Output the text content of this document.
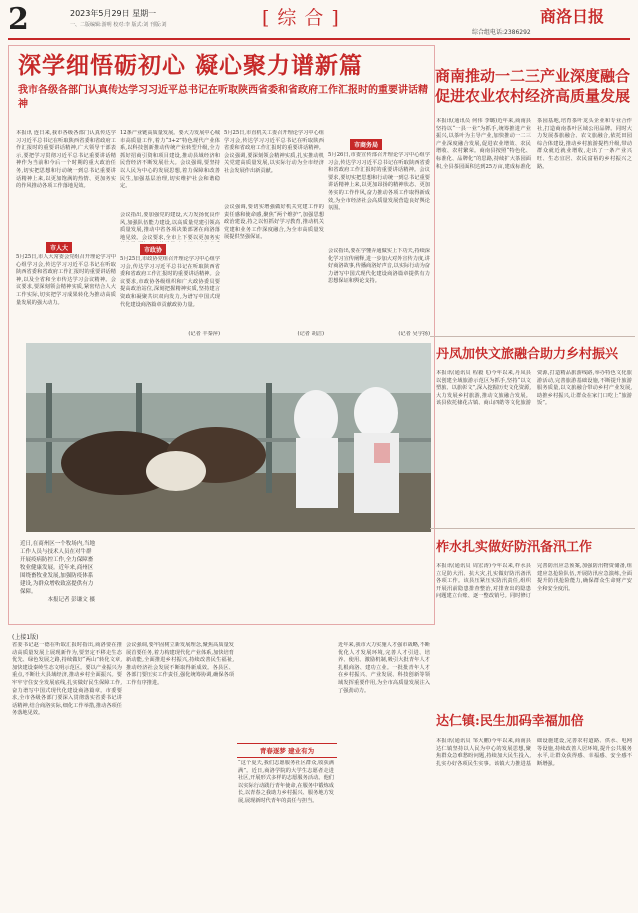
2	2023年5月29日 星期一
一、二版编辑:游明 校对:李 版式:刘 刊版:刘	[综合]	商洛日报
综合组电话:2386292
深学细悟砺初心 凝心聚力谱新篇
我市各级各部门认真传达学习习近平总书记在听取陕西省委和省政府工作汇报时的重要讲话精神
本报讯 连日来,我市各级各部门认真传达学习习近平总书记在听取陕西省委和省政府工作汇报时的重要讲话精神,广大领导干部表示,要把学习贯彻习近平总书记重要讲话精神作为当前和今后一个时期的重大政治任务,切实把思想和行动统一到总书记重要讲话精神上来,以更加饱满的热情、更加务实的作风推动各项工作落地见效。
市人大
5月25日,市人大常委会党组召开理论学习中心组学习会,传达学习习近平总书记在听取陕西省委和省政府工作汇报时的重要讲话精神,以及全省和全市传达学习会议精神。会议要求,要深刻领会精神实质,紧密结合人大工作实际,切实把学习成果转化为推动高质量发展的强大动力。
12条产业链高质量发展。要大力发展中心城市高质量工作,着力“3+2”特色现代产业体系,以科技创新推动传统产业转型升级,全力抓好招商引资和项目建设,推动县域经济和民营经济不断发展壮大。会议强调,要坚持以人民为中心的发展思想,着力保障和改善民生,加强基层治理,切实维护社会和谐稳定。
会议指出,要加强党的建设,大力发扬优良作风,加强队伍能力建设,以高质量党建引领高质量发展,推动中省各项决策部署在商洛落地见效。会议要求,全市上下要以更加务实
市政协
5月25日,市政协党组召开理论学习中心组学习会,传达学习习近平总书记在听取陕西省委和省政府工作汇报时的重要讲话精神。会议要求,市政协各级组织和广大政协委员要提高政治站位,深刻把握精神实质,坚持建言资政和凝聚共识双向发力,为谱写中国式现代化建设商洛篇章贡献政协力量。
(记者 丰秦萍)
5月25日,市直机关工委召开理论学习中心组学习会,传达学习习近平总书记在听取陕西省委和省政府工作汇报时的重要讲话精神。会议强调,要深刻领会精神实质,扎实推动机关党建高质量发展,以实际行动为全市经济社会发展作出新贡献。
会议强调,要切实增强做好机关党建工作的责任感和使命感,聚焦“两个维护”,加强思想政治建设,持之以恒抓好学习教育,推动机关党建和业务工作深度融合,为全市高质量发展提供坚强保证。
(记者 胡洁)
市商务局
5月26日,市委宣传部召开理论学习中心组学习会,传达学习习近平总书记在听取陕西省委和省政府工作汇报时的重要讲话精神。会议要求,要切实把思想和行动统一到总书记重要讲话精神上来,以更加昂扬的精神状态、更加务实的工作作风,奋力推动各项工作取得新成效,为全市经济社会高质量发展营造良好舆论氛围。
会议指出,要在学懂弄通做实上下功夫,持续深化学习宣传阐释,进一步加大对外宣传力度,讲好商洛故事,传播商洛好声音,以实际行动为奋力谱写中国式现代化建设商洛篇章提供有力思想保证和舆论支持。
(记者 吴宇扬)
近日,在商州区一个牧场内,当地工作人员与技术人员在对牛群开展疫病防控工作,全力保障畜牧业健康发展。近年来,商州区围绕畜牧业发展,加强防疫体系建设,为群众增收致富提供有力保障。
本报记者 彭谦文 摄
商南推动一二三产业深度融合
促进农业农村经济高质量发展
本报讯(通讯员 何伟 李璐)近年来,商南县坚持以“一县一业”为抓手,统筹推进产业振兴,以茶叶为主导产业,加快推动一二三产业深度融合发展,促进农业增效、农民增收、农村繁荣。商南县按照“特色化、标准化、品牌化”的思路,持续扩大茶园面积,全县茶园面积达到25万亩,建成标准化茶园基地,培育茶叶龙头企业和专业合作社,打造商南茶叶区域公用品牌。同时大力发展茶旅融合、农文旅融合,依托田园综合体建设,推动乡村旅游提档升级,带动群众就近就业增收,走出了一条产业兴旺、生态宜居、农民富裕的乡村振兴之路。
丹凤加快文旅融合助力乡村振兴
本报讯(通讯员 程毅飞)今年以来,丹凤县以创建全域旅游示范区为抓手,坚持“以文塑旅、以旅彰文”,深入挖掘历史文化资源,大力发展乡村旅游,推动文旅融合发展。该县依托棣花古镇、商山四皓等文化旅游资源,打造精品旅游线路,举办特色文化旅游活动,完善旅游基础设施,不断提升旅游服务质量,以文旅融合带动乡村产业发展,助推乡村振兴,让群众在家门口吃上“旅游饭”。
柞水扎实做好防汛备汛工作
本报讯(通讯员 周宏涛)今年以来,柞水县立足防大汛、抗大灾,扎实做好防汛备汛各项工作。该县压紧压实防汛责任,组织开展汛前隐患排查整治,对排查出的隐患问题建立台账、逐一整改销号。同时修订完善防汛应急预案,加强防汛物资储备,组建应急抢险队伍,开展防汛应急演练,全面提升防汛抢险能力,确保群众生命财产安全和安全度汛。
(上接1版)
省委书记赵一德在听取汇报时指出,商洛要在推动高质量发展上展现新作为,要坚定不移走生态优先、绿色发展之路,持续做好“两山”转化文章,加快建设秦岭生态文明示范区。要以产业振兴为重点,不断壮大县域经济,推动乡村全面振兴。要牢牢守住安全发展底线,扎实做好民生保障工作,奋力谱写中国式现代化建设商洛篇章。市委要求,全市各级各部门要深入贯彻落实省委书记讲话精神,结合商洛实际,细化工作举措,推动各项任务落地见效。
会议强调,要牢固树立新发展理念,聚焦高质量发展首要任务,着力构建现代化产业体系,加快培育新动能,全面推进乡村振兴,持续改善民生福祉,推动经济社会发展不断取得新成效。各县区、各部门要压实工作责任,强化统筹协调,确保各项工作有序推进。
青春逐梦 建业有为
“这个夏天,我们志愿服务社区群众,收获满满”。近日,商洛学院的大学生志愿者走进社区,开展形式多样的志愿服务活动。他们以实际行动践行青年使命,在服务中锻炼成长,以青春之我助力乡村振兴、服务地方发展,展现新时代青年的责任与担当。
近年来,我市大力实施人才强市战略,不断优化人才发展环境,完善人才引进、培养、使用、激励机制,吸引大批青年人才扎根商洛、建功立业。一批批青年人才在乡村振兴、产业发展、科技创新等领域发挥重要作用,为全市高质量发展注入了强劲动力。
达仁镇:民生加码幸福加倍
本报讯(通讯员 邹大鹏)今年以来,商南县达仁镇坚持以人民为中心的发展思想,聚焦群众急难愁盼问题,持续加大民生投入,扎实办好各项民生实事。该镇大力推进基础设施建设,完善农村道路、供水、电网等设施,持续改善人居环境,提升公共服务水平,让群众获得感、幸福感、安全感不断增强。
